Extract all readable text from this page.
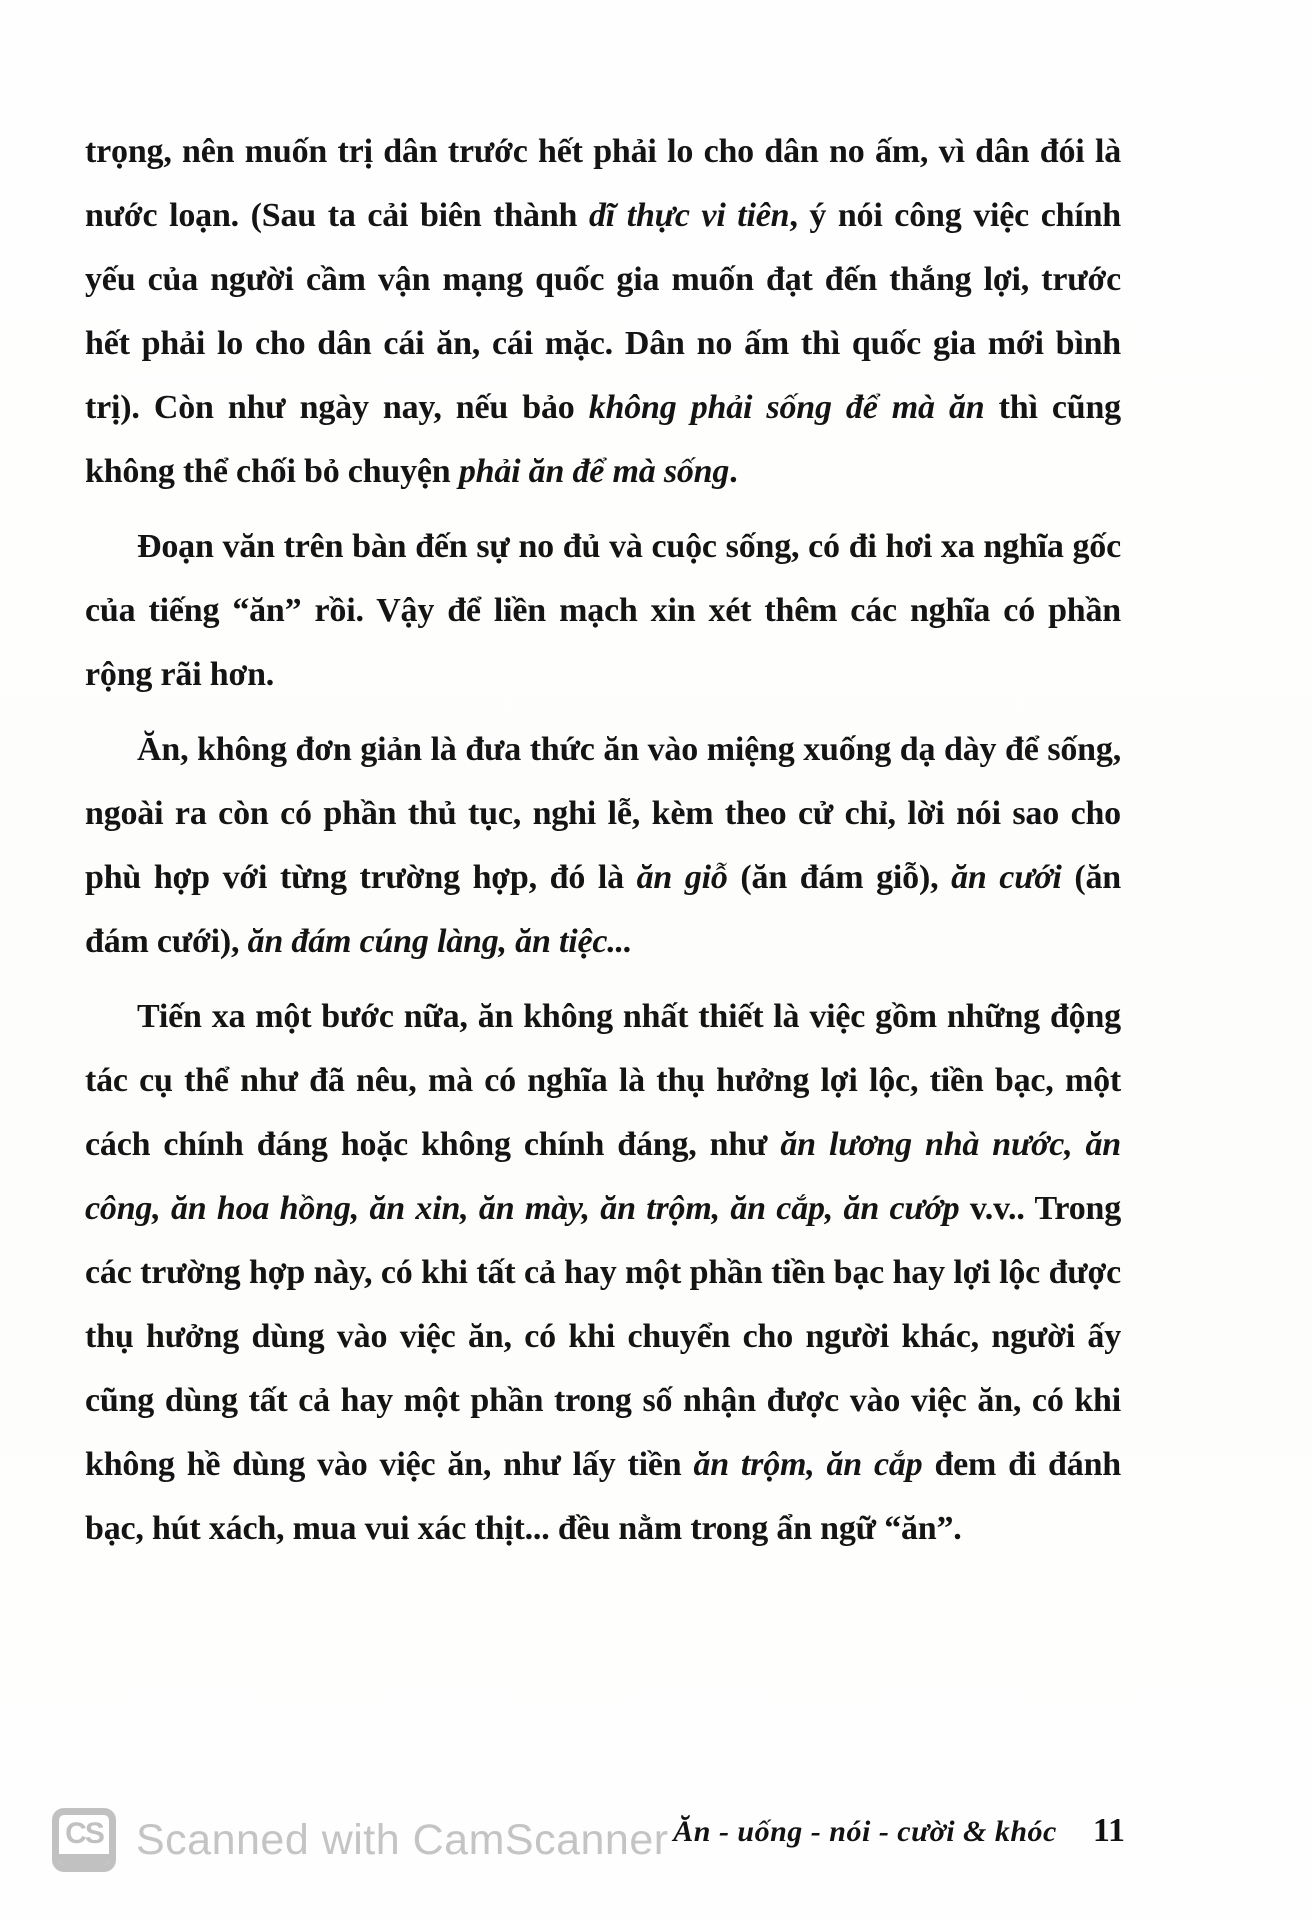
trọng, nên muốn trị dân trước hết phải lo cho dân no ấm, vì dân đói là nước loạn. (Sau ta cải biên thành dĩ thực vi tiên, ý nói công việc chính yếu của người cầm vận mạng quốc gia muốn đạt đến thắng lợi, trước hết phải lo cho dân cái ăn, cái mặc. Dân no ấm thì quốc gia mới bình trị). Còn như ngày nay, nếu bảo không phải sống để mà ăn thì cũng không thể chối bỏ chuyện phải ăn để mà sống.

Đoạn văn trên bàn đến sự no đủ và cuộc sống, có đi hơi xa nghĩa gốc của tiếng “ăn” rồi. Vậy để liền mạch xin xét thêm các nghĩa có phần rộng rãi hơn.

Ăn, không đơn giản là đưa thức ăn vào miệng xuống dạ dày để sống, ngoài ra còn có phần thủ tục, nghi lễ, kèm theo cử chỉ, lời nói sao cho phù hợp với từng trường hợp, đó là ăn giỗ (ăn đám giỗ), ăn cưới (ăn đám cưới), ăn đám cúng làng, ăn tiệc...

Tiến xa một bước nữa, ăn không nhất thiết là việc gồm những động tác cụ thể như đã nêu, mà có nghĩa là thụ hưởng lợi lộc, tiền bạc, một cách chính đáng hoặc không chính đáng, như ăn lương nhà nước, ăn công, ăn hoa hồng, ăn xin, ăn mày, ăn trộm, ăn cắp, ăn cướp v.v.. Trong các trường hợp này, có khi tất cả hay một phần tiền bạc hay lợi lộc được thụ hưởng dùng vào việc ăn, có khi chuyển cho người khác, người ấy cũng dùng tất cả hay một phần trong số nhận được vào việc ăn, có khi không hề dùng vào việc ăn, như lấy tiền ăn trộm, ăn cắp đem đi đánh bạc, hút xách, mua vui xác thịt... đều nằm trong ẩn ngữ “ăn”.

CS Scanned with CamScanner Ăn - uống - nói - cười & khóc 11
